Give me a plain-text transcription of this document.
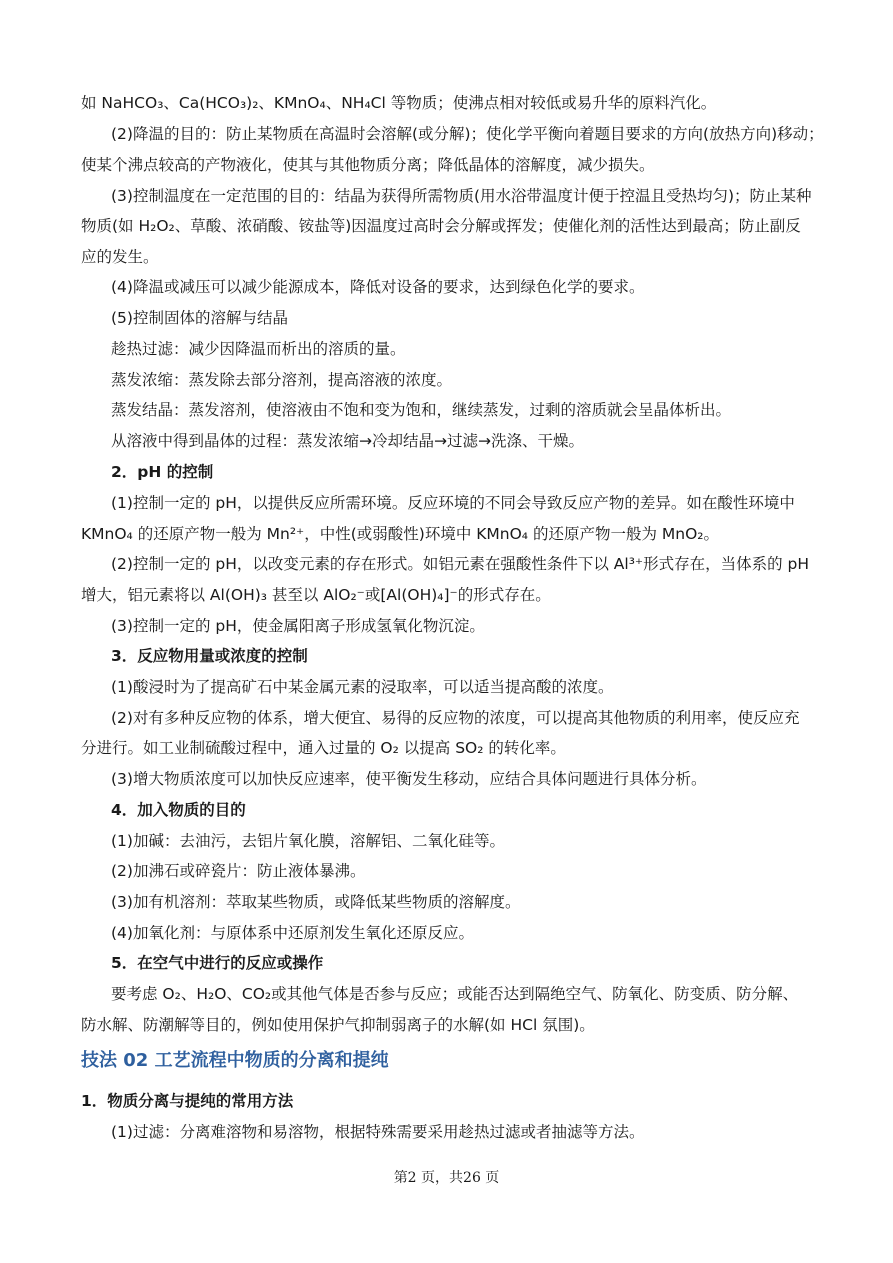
如 NaHCO₃、Ca(HCO₃)₂、KMnO₄、NH₄Cl 等物质；使沸点相对较低或易升华的原料汽化。
(2)降温的目的：防止某物质在高温时会溶解(或分解)；使化学平衡向着题目要求的方向(放热方向)移动；
使某个沸点较高的产物液化，使其与其他物质分离；降低晶体的溶解度，减少损失。
(3)控制温度在一定范围的目的：结晶为获得所需物质(用水浴带温度计便于控温且受热均匀)；防止某种
物质(如 H₂O₂、草酸、浓硝酸、铵盐等)因温度过高时会分解或挥发；使催化剂的活性达到最高；防止副反
应的发生。
(4)降温或减压可以减少能源成本，降低对设备的要求，达到绿色化学的要求。
(5)控制固体的溶解与结晶
趁热过滤：减少因降温而析出的溶质的量。
蒸发浓缩：蒸发除去部分溶剂，提高溶液的浓度。
蒸发结晶：蒸发溶剂，使溶液由不饱和变为饱和，继续蒸发，过剩的溶质就会呈晶体析出。
从溶液中得到晶体的过程：蒸发浓缩→冷却结晶→过滤→洗涤、干燥。
2．pH 的控制
(1)控制一定的 pH，以提供反应所需环境。反应环境的不同会导致反应产物的差异。如在酸性环境中
KMnO₄ 的还原产物一般为 Mn²⁺，中性(或弱酸性)环境中 KMnO₄ 的还原产物一般为 MnO₂。
(2)控制一定的 pH，以改变元素的存在形式。如铝元素在强酸性条件下以 Al³⁺形式存在，当体系的 pH
增大，铝元素将以 Al(OH)₃ 甚至以 AlO₂⁻或[Al(OH)₄]⁻的形式存在。
(3)控制一定的 pH，使金属阳离子形成氢氧化物沉淀。
3．反应物用量或浓度的控制
(1)酸浸时为了提高矿石中某金属元素的浸取率，可以适当提高酸的浓度。
(2)对有多种反应物的体系，增大便宜、易得的反应物的浓度，可以提高其他物质的利用率，使反应充
分进行。如工业制硫酸过程中，通入过量的 O₂ 以提高 SO₂ 的转化率。
(3)增大物质浓度可以加快反应速率，使平衡发生移动，应结合具体问题进行具体分析。
4．加入物质的目的
(1)加碱：去油污，去铝片氧化膜，溶解铝、二氧化硅等。
(2)加沸石或碎瓷片：防止液体暴沸。
(3)加有机溶剂：萃取某些物质，或降低某些物质的溶解度。
(4)加氧化剂：与原体系中还原剂发生氧化还原反应。
5．在空气中进行的反应或操作
要考虑 O₂、H₂O、CO₂或其他气体是否参与反应；或能否达到隔绝空气、防氧化、防变质、防分解、
防水解、防潮解等目的，例如使用保护气抑制弱离子的水解(如 HCl 氛围)。
技法 02 工艺流程中物质的分离和提纯
1．物质分离与提纯的常用方法
(1)过滤：分离难溶物和易溶物，根据特殊需要采用趁热过滤或者抽滤等方法。
第2 页，共26 页
